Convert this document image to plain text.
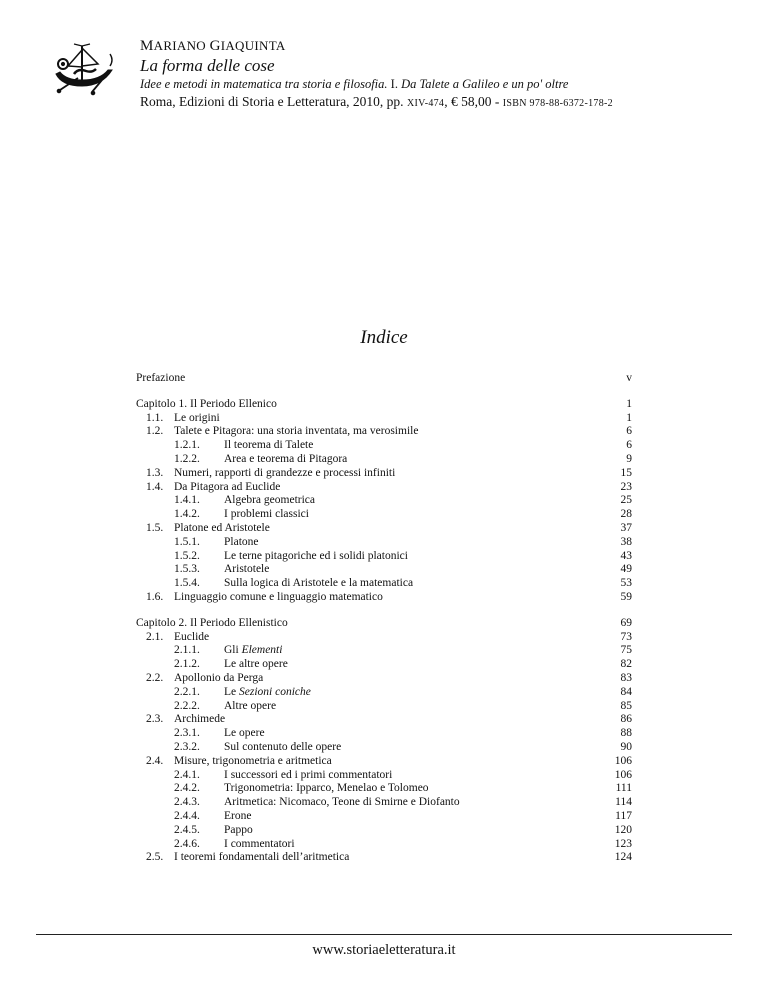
MARIANO GIAQUINTA
La forma delle cose
Idee e metodi in matematica tra storia e filosofia. I. Da Talete a Galileo e un po' oltre
Roma, Edizioni di Storia e Letteratura, 2010, pp. XIV-474, € 58,00 - ISBN 978-88-6372-178-2
Indice
Prefazione	v
Capitolo 1. Il Periodo Ellenico	1
1.1. Le origini	1
1.2. Talete e Pitagora: una storia inventata, ma verosimile	6
1.2.1. Il teorema di Talete	6
1.2.2. Area e teorema di Pitagora	9
1.3. Numeri, rapporti di grandezze e processi infiniti	15
1.4. Da Pitagora ad Euclide	23
1.4.1. Algebra geometrica	25
1.4.2. I problemi classici	28
1.5. Platone ed Aristotele	37
1.5.1. Platone	38
1.5.2. Le terne pitagoriche ed i solidi platonici	43
1.5.3. Aristotele	49
1.5.4. Sulla logica di Aristotele e la matematica	53
1.6. Linguaggio comune e linguaggio matematico	59
Capitolo 2. Il Periodo Ellenistico	69
2.1. Euclide	73
2.1.1. Gli Elementi	75
2.1.2. Le altre opere	82
2.2. Apollonio da Perga	83
2.2.1. Le Sezioni coniche	84
2.2.2. Altre opere	85
2.3. Archimede	86
2.3.1. Le opere	88
2.3.2. Sul contenuto delle opere	90
2.4. Misure, trigonometria e aritmetica	106
2.4.1. I successori ed i primi commentatori	106
2.4.2. Trigonometria: Ipparco, Menelao e Tolomeo	111
2.4.3. Aritmetica: Nicomaco, Teone di Smirne e Diofanto	114
2.4.4. Erone	117
2.4.5. Pappo	120
2.4.6. I commentatori	123
2.5. I teoremi fondamentali dell’aritmetica	124
www.storiaeletteratura.it
